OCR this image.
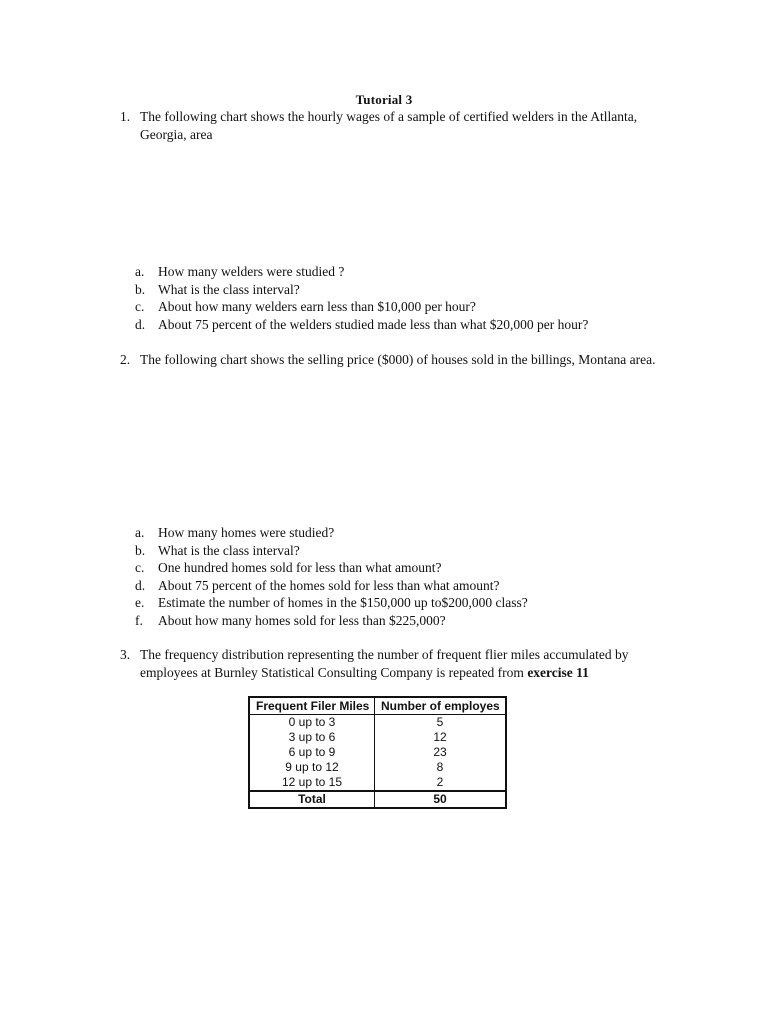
Tutorial 3
1. The following chart shows the hourly wages of a sample of certified welders in the Atllanta, Georgia, area
a. How many welders were studied ?
b. What is the class interval?
c. About how many welders earn less than $10,000 per hour?
d. About 75 percent of the welders studied made less than what $20,000 per hour?
2. The following chart shows the selling price ($000) of houses sold in the billings, Montana area.
a. How many homes were studied?
b. What is the class interval?
c. One hundred homes sold for less than what amount?
d. About 75 percent of the homes sold for less than what amount?
e. Estimate the number of homes in the $150,000 up to$200,000 class?
f. About how many homes sold for less than $225,000?
3. The frequency distribution representing the number of frequent flier miles accumulated by employees at Burnley Statistical Consulting Company is repeated from exercise 11
Frequent Filer Miles	Number of employes
0 up to 3	5
3 up to 6	12
6 up to 9	23
9 up to 12	8
12 up to 15	2
Total	50
